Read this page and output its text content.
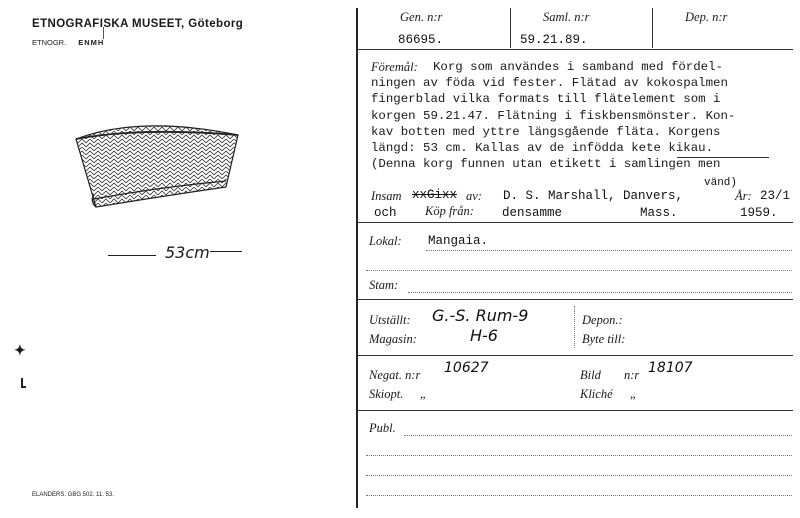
ETNOGRAFISKA MUSEET, Göteborg
ETNOGR. ENMH
53cm
✦
ELANDERS. GBG 502. 11. 53.
Gen. n:r	Saml. n:r	Dep. n:r
86695.	59.21.89.
Föremål:	Korg som användes i samband med fördel-
ningen av föda vid fester. Flätad av kokospalmen
fingerblad vilka formats till flätelement som i
korgen 59.21.47. Flätning i fiskbensmönster. Kon-
kav botten med yttre längsgående fläta. Korgens
längd: 53 cm. Kallas av de infödda kete kikau.
(Denna korg funnen utan etikett i samlingen men
vänd)
Insam xxGixx av: D. S. Marshall, Danvers,	År: 23/1
och Köp från: densamme	Mass.	1959.
Lokal: Mangaia.
Stam:
Utställt: G.-S. Rum-9
Magasin:	H-6
Depon.:
Byte till:
Negat. n:r 10627	Bild n:r 18107
Skiopt. „	Kliché „
Publ.
